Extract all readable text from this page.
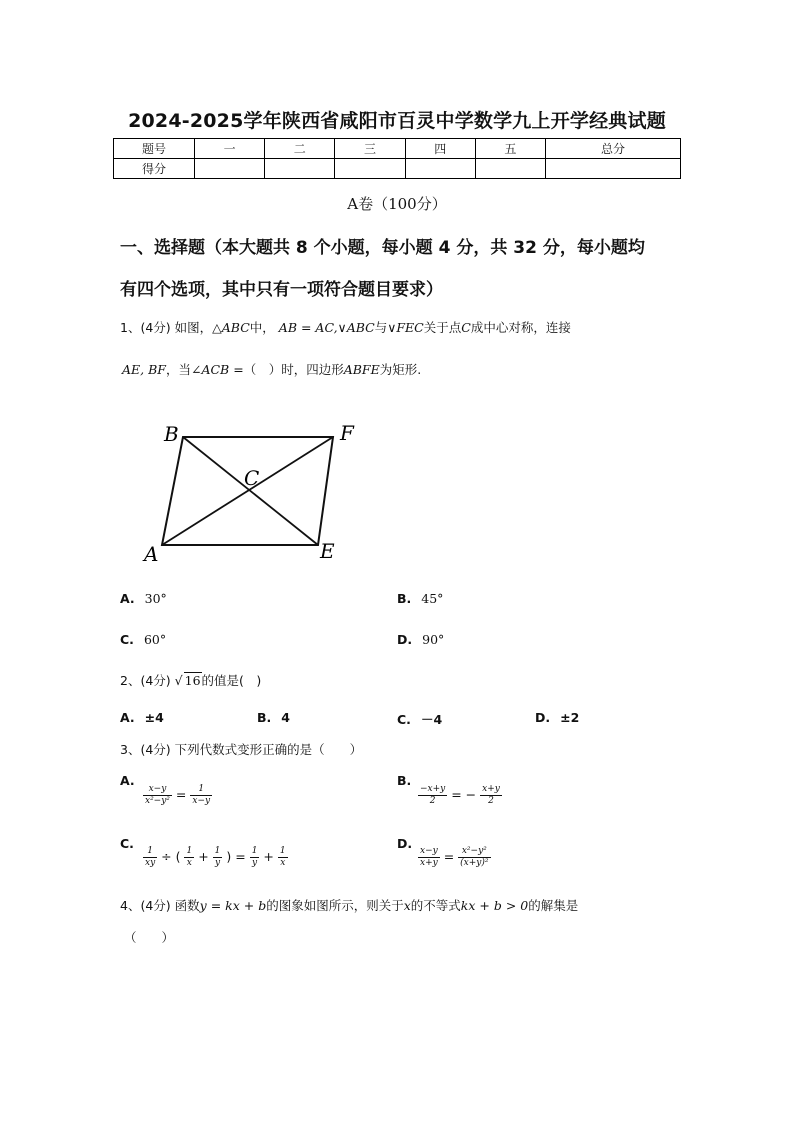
2024-2025学年陕西省咸阳市百灵中学数学九上开学经典试题
题号	一	二	三	四	五	总分
得分						
A卷（100分）
一、选择题（本大题共 8 个小题，每小题 4 分，共 32 分，每小题均
有四个选项，其中只有一项符合题目要求）
1、(4分) 如图，△ABC中， AB = AC,∨ABC与∨FEC关于点C成中心对称，连接
AE, BF，当∠ACB =（　）时，四边形ABFE为矩形.
B	F
C
A	E
A. 30°	B. 45°
C. 60°	D. 90°
2、(4分) √ 16的值是(　)
A. ±4	B. 4	C. －4	D. ±2
3、(4分) 下列代数式变形正确的是（　　）
A.
$\frac{x-y}{\text{x²−y²}} = \frac{1}{x-y}$
B.
$\frac{-x+y}{2}$ = − $\frac{x+y}{2}$
C.
$\frac{1}{xy}$ ÷ ( $\frac{1}{x} + \frac{1}{y}$ ) = $\frac{1}{y} + \frac{1}{x}$
D.
$\frac{x-y}{x+y} = \frac{\text{x²−y²}}{\text{(x+y)²}}$
4、(4分) 函数y = kx + b的图象如图所示，则关于x的不等式kx + b > 0的解集是
（　　）
